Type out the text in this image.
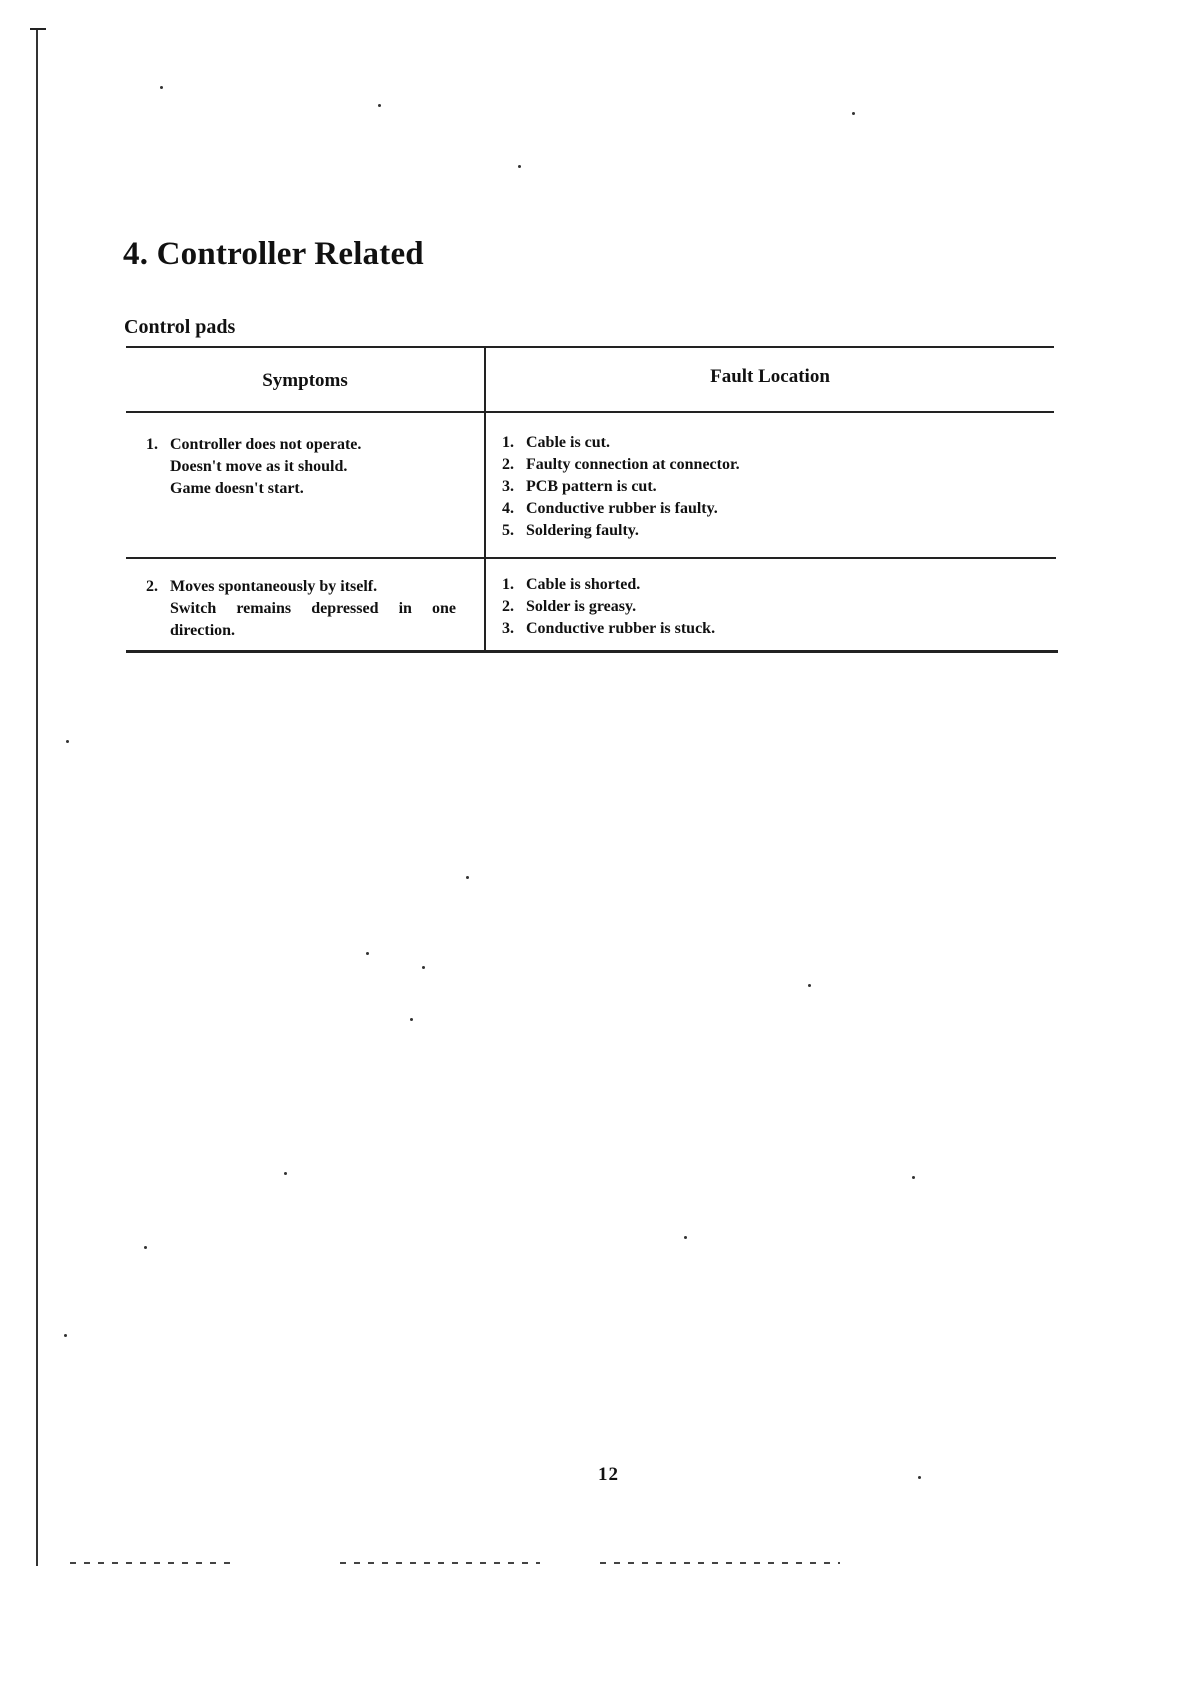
4. Controller Related
Control pads
Symptoms	Fault Location
1. Controller does not operate.
Doesn't move as it should.
Game doesn't start.
1. Cable is cut.
2. Faulty connection at connector.
3. PCB pattern is cut.
4. Conductive rubber is faulty.
5. Soldering faulty.
2. Moves spontaneously by itself.
Switch remains depressed in one
direction.
1. Cable is shorted.
2. Solder is greasy.
3. Conductive rubber is stuck.
12
